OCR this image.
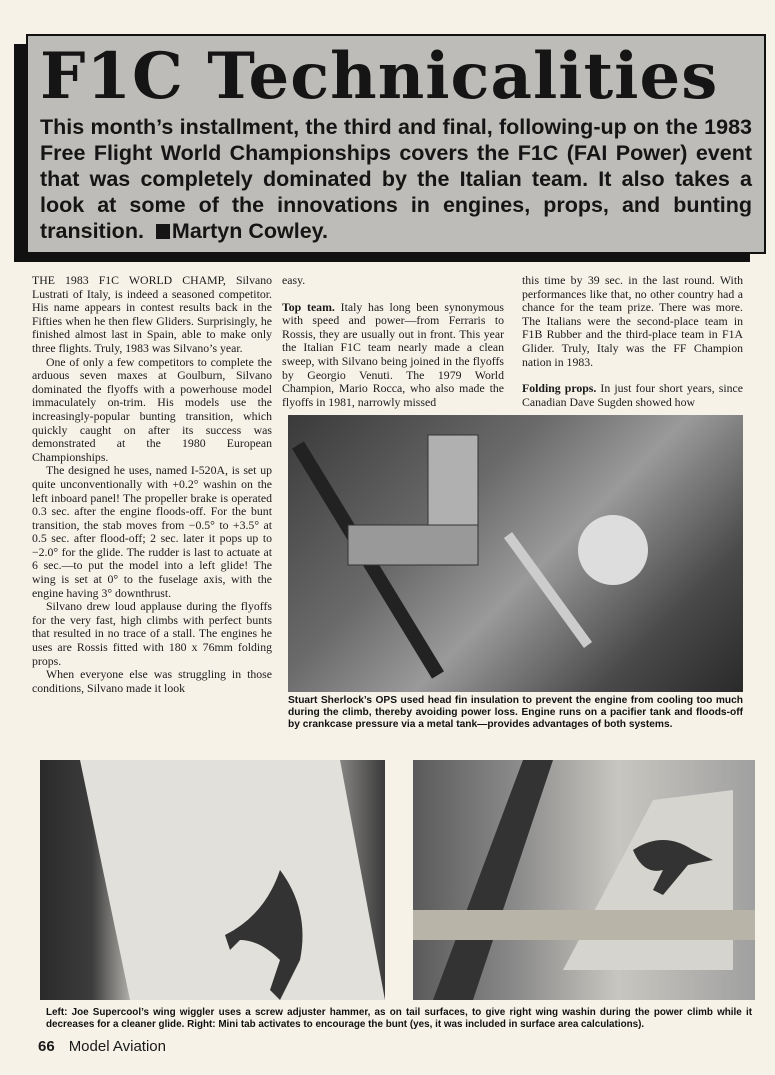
F1C Technicalities
This month’s installment, the third and final, following-up on the 1983 Free Flight World Championships covers the F1C (FAI Power) event that was completely dominated by the Italian team. It also takes a look at some of the innovations in engines, props, and bunting transition. Martyn Cowley.

THE 1983 F1C WORLD CHAMP, Silvano Lustrati of Italy, is indeed a seasoned competitor. His name appears in contest results back in the Fifties when he then flew Gliders. Surprisingly, he finished almost last in Spain, able to make only three flights. Truly, 1983 was Silvano’s year.

One of only a few competitors to complete the arduous seven maxes at Goulburn, Silvano dominated the flyoffs with a powerhouse model immaculately on-trim. His models use the increasingly-popular bunting transition, which quickly caught on after its success was demonstrated at the 1980 European Championships.

The designed he uses, named I-520A, is set up quite unconventionally with +0.2° washin on the left inboard panel! The propeller brake is operated 0.3 sec. after the engine floods-off. For the bunt transition, the stab moves from −0.5° to +3.5° at 0.5 sec. after flood-off; 2 sec. later it pops up to −2.0° for the glide. The rudder is last to actuate at 6 sec.—to put the model into a left glide! The wing is set at 0° to the fuselage axis, with the engine having 3° downthrust.

Silvano drew loud applause during the flyoffs for the very fast, high climbs with perfect bunts that resulted in no trace of a stall. The engines he uses are Rossis fitted with 180 x 76mm folding props.

When everyone else was struggling in those conditions, Silvano made it look

easy.

Top team. Italy has long been synonymous with speed and power—from Ferraris to Rossis, they are usually out in front. This year the Italian F1C team nearly made a clean sweep, with Silvano being joined in the flyoffs by Georgio Venuti. The 1979 World Champion, Mario Rocca, who also made the flyoffs in 1981, narrowly missed

this time by 39 sec. in the last round. With performances like that, no other country had a chance for the team prize. There was more. The Italians were the second-place team in F1B Rubber and the third-place team in F1A Glider. Truly, Italy was the FF Champion nation in 1983.

Folding props. In just four short years, since Canadian Dave Sugden showed how

Stuart Sherlock’s OPS used head fin insulation to prevent the engine from cooling too much during the climb, thereby avoiding power loss. Engine runs on a pacifier tank and floods-off by crankcase pressure via a metal tank—provides advantages of both systems.
Left: Joe Supercool’s wing wiggler uses a screw adjuster hammer, as on tail surfaces, to give right wing washin during the power climb while it decreases for a cleaner glide. Right: Mini tab activates to encourage the bunt (yes, it was included in surface area calculations).
66 Model Aviation
